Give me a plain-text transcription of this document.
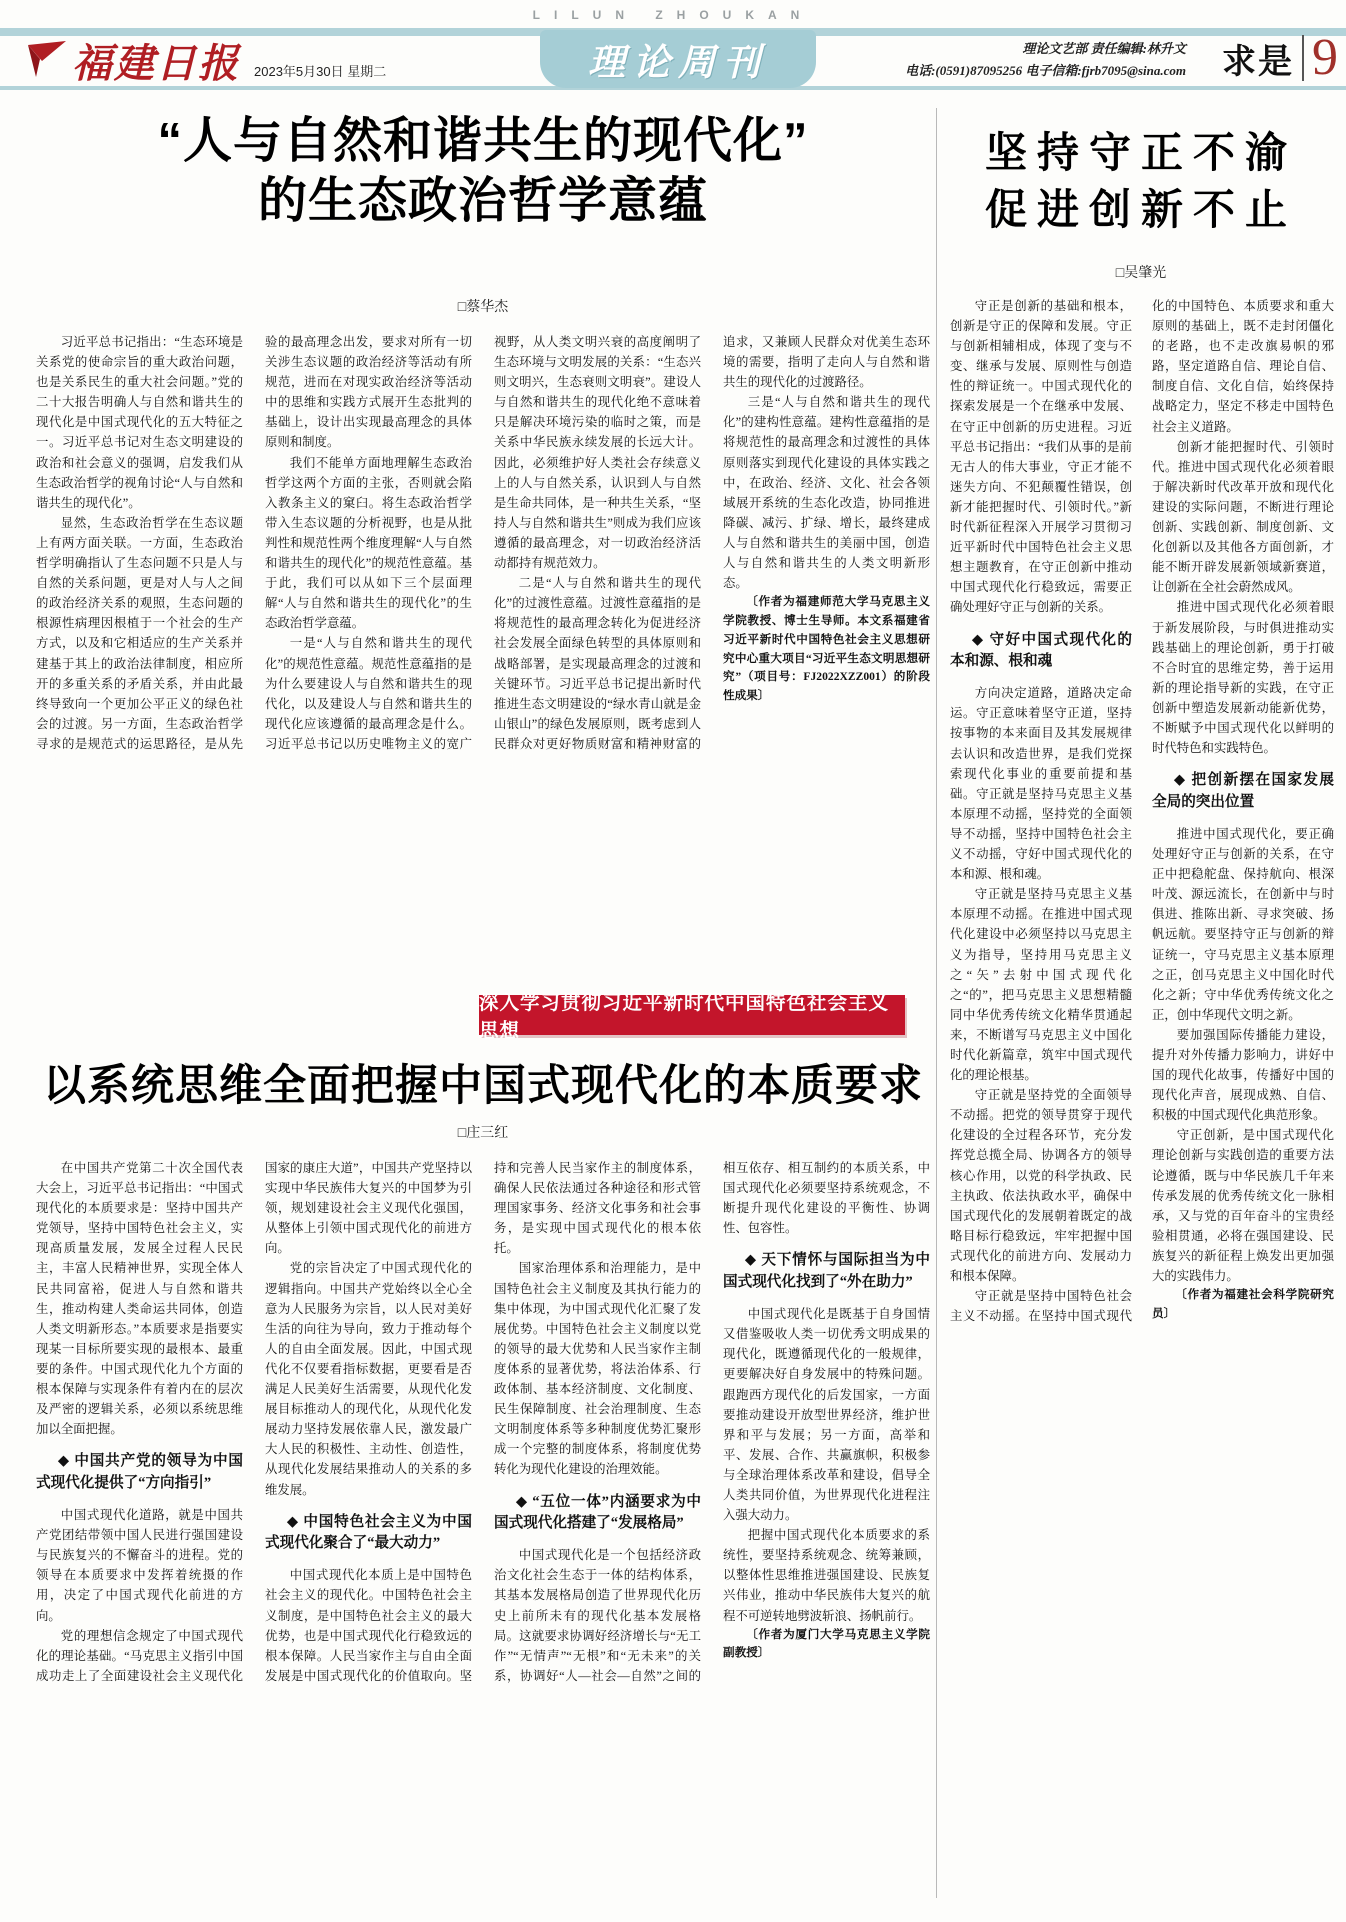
LILUN ZHOUKAN
福建日报 2023年5月30日 星期二	理论周刊	理论文艺部 责任编辑:林升文
电话:(0591)87095256 电子信箱:fjrb7095@sina.com 求是 9
“人与自然和谐共生的现代化”
的生态政治哲学意蕴
□蔡华杰

习近平总书记指出：“生态环境是关系党的使命宗旨的重大政治问题，也是关系民生的重大社会问题。”党的二十大报告明确人与自然和谐共生的现代化是中国式现代化的五大特征之一。习近平总书记对生态文明建设的政治和社会意义的强调，启发我们从生态政治哲学的视角讨论“人与自然和谐共生的现代化”。

显然，生态政治哲学在生态议题上有两方面关联。一方面，生态政治哲学明确指认了生态问题不只是人与自然的关系问题，更是对人与人之间的政治经济关系的观照，生态问题的根源性病理因根植于一个社会的生产方式，以及和它相适应的生产关系并建基于其上的政治法律制度，相应所开的多重关系的矛盾关系，并由此最终导致向一个更加公平正义的绿色社会的过渡。另一方面，生态政治哲学寻求的是规范式的运思路径，是从先验的最高理念出发，要求对所有一切关涉生态议题的政治经济等活动有所规范，进而在对现实政治经济等活动中的思维和实践方式展开生态批判的基础上，设计出实现最高理念的具体原则和制度。

我们不能单方面地理解生态政治哲学这两个方面的主张，否则就会陷入教条主义的窠臼。将生态政治哲学带入生态议题的分析视野，也是从批判性和规范性两个维度理解“人与自然和谐共生的现代化”的规范性意蕴。基于此，我们可以从如下三个层面理解“人与自然和谐共生的现代化”的生态政治哲学意蕴。

一是“人与自然和谐共生的现代化”的规范性意蕴。规范性意蕴指的是为什么要建设人与自然和谐共生的现代化，以及建设人与自然和谐共生的现代化应该遵循的最高理念是什么。习近平总书记以历史唯物主义的宽广视野，从人类文明兴衰的高度阐明了生态环境与文明发展的关系：“生态兴则文明兴，生态衰则文明衰”。建设人与自然和谐共生的现代化绝不意味着只是解决环境污染的临时之策，而是关系中华民族永续发展的长远大计。因此，必须维护好人类社会存续意义上的人与自然关系，认识到人与自然是生命共同体，是一种共生关系，“坚持人与自然和谐共生”则成为我们应该遵循的最高理念，对一切政治经济活动都持有规范效力。

二是“人与自然和谐共生的现代化”的过渡性意蕴。过渡性意蕴指的是将规范性的最高理念转化为促进经济社会发展全面绿色转型的具体原则和战略部署，是实现最高理念的过渡和关键环节。习近平总书记提出新时代推进生态文明建设的“绿水青山就是金山银山”的绿色发展原则，既考虑到人民群众对更好物质财富和精神财富的追求，又兼顾人民群众对优美生态环境的需要，指明了走向人与自然和谐共生的现代化的过渡路径。

三是“人与自然和谐共生的现代化”的建构性意蕴。建构性意蕴指的是将规范性的最高理念和过渡性的具体原则落实到现代化建设的具体实践之中，在政治、经济、文化、社会各领域展开系统的生态化改造，协同推进降碳、减污、扩绿、增长，最终建成人与自然和谐共生的美丽中国，创造人与自然和谐共生的人类文明新形态。

〔作者为福建师范大学马克思主义学院教授、博士生导师。本文系福建省习近平新时代中国特色社会主义思想研究中心重大项目“习近平生态文明思想研究”（项目号：FJ2022XZZ001）的阶段性成果〕

深入学习贯彻习近平新时代中国特色社会主义思想
坚持守正不渝
促进创新不止
□吴肇光

守正是创新的基础和根本，创新是守正的保障和发展。守正与创新相辅相成，体现了变与不变、继承与发展、原则性与创造性的辩证统一。中国式现代化的探索发展是一个在继承中发展、在守正中创新的历史进程。习近平总书记指出：“我们从事的是前无古人的伟大事业，守正才能不迷失方向、不犯颠覆性错误，创新才能把握时代、引领时代。”新时代新征程深入开展学习贯彻习近平新时代中国特色社会主义思想主题教育，在守正创新中推动中国式现代化行稳致远，需要正确处理好守正与创新的关系。

◆ 守好中国式现代化的本和源、根和魂

方向决定道路，道路决定命运。守正意味着坚守正道，坚持按事物的本来面目及其发展规律去认识和改造世界，是我们党探索现代化事业的重要前提和基础。守正就是坚持马克思主义基本原理不动摇，坚持党的全面领导不动摇，坚持中国特色社会主义不动摇，守好中国式现代化的本和源、根和魂。

守正就是坚持马克思主义基本原理不动摇。在推进中国式现代化建设中必须坚持以马克思主义为指导，坚持用马克思主义之“矢”去射中国式现代化之“的”，把马克思主义思想精髓同中华优秀传统文化精华贯通起来，不断谱写马克思主义中国化时代化新篇章，筑牢中国式现代化的理论根基。

守正就是坚持党的全面领导不动摇。把党的领导贯穿于现代化建设的全过程各环节，充分发挥党总揽全局、协调各方的领导核心作用，以党的科学执政、民主执政、依法执政水平，确保中国式现代化的发展朝着既定的战略目标行稳致远，牢牢把握中国式现代化的前进方向、发展动力和根本保障。

守正就是坚持中国特色社会主义不动摇。在坚持中国式现代化的中国特色、本质要求和重大原则的基础上，既不走封闭僵化的老路，也不走改旗易帜的邪路，坚定道路自信、理论自信、制度自信、文化自信，始终保持战略定力，坚定不移走中国特色社会主义道路。

创新才能把握时代、引领时代。推进中国式现代化必须着眼于解决新时代改革开放和现代化建设的实际问题，不断进行理论创新、实践创新、制度创新、文化创新以及其他各方面创新，才能不断开辟发展新领域新赛道，让创新在全社会蔚然成风。

推进中国式现代化必须着眼于新发展阶段，与时俱进推动实践基础上的理论创新，勇于打破不合时宜的思维定势，善于运用新的理论指导新的实践，在守正创新中塑造发展新动能新优势，不断赋予中国式现代化以鲜明的时代特色和实践特色。

◆ 把创新摆在国家发展全局的突出位置

推进中国式现代化，要正确处理好守正与创新的关系，在守正中把稳舵盘、保持航向、根深叶茂、源远流长，在创新中与时俱进、推陈出新、寻求突破、扬帆远航。要坚持守正与创新的辩证统一，守马克思主义基本原理之正，创马克思主义中国化时代化之新；守中华优秀传统文化之正，创中华现代文明之新。

要加强国际传播能力建设，提升对外传播力影响力，讲好中国的现代化故事，传播好中国的现代化声音，展现成熟、自信、积极的中国式现代化典范形象。

守正创新，是中国式现代化理论创新与实践创造的重要方法论遵循，既与中华民族几千年来传承发展的优秀传统文化一脉相承，又与党的百年奋斗的宝贵经验相贯通，必将在强国建设、民族复兴的新征程上焕发出更加强大的实践伟力。

〔作者为福建社会科学院研究员〕

以系统思维全面把握中国式现代化的本质要求
□庄三红

在中国共产党第二十次全国代表大会上，习近平总书记指出：“中国式现代化的本质要求是：坚持中国共产党领导，坚持中国特色社会主义，实现高质量发展，发展全过程人民民主，丰富人民精神世界，实现全体人民共同富裕，促进人与自然和谐共生，推动构建人类命运共同体，创造人类文明新形态。”本质要求是指要实现某一目标所要实现的最根本、最重要的条件。中国式现代化九个方面的根本保障与实现条件有着内在的层次及严密的逻辑关系，必须以系统思维加以全面把握。

◆ 中国共产党的领导为中国式现代化提供了“方向指引”

中国式现代化道路，就是中国共产党团结带领中国人民进行强国建设与民族复兴的不懈奋斗的进程。党的领导在本质要求中发挥着统摄的作用，决定了中国式现代化前进的方向。

党的理想信念规定了中国式现代化的理论基础。“马克思主义指引中国成功走上了全面建设社会主义现代化国家的康庄大道”，中国共产党坚持以实现中华民族伟大复兴的中国梦为引领，规划建设社会主义现代化强国，从整体上引领中国式现代化的前进方向。

党的宗旨决定了中国式现代化的逻辑指向。中国共产党始终以全心全意为人民服务为宗旨，以人民对美好生活的向往为导向，致力于推动每个人的自由全面发展。因此，中国式现代化不仅要看指标数据，更要看是否满足人民美好生活需要，从现代化发展目标推动人的现代化，从现代化发展动力坚持发展依靠人民，激发最广大人民的积极性、主动性、创造性，从现代化发展结果推动人的关系的多维发展。

◆ 中国特色社会主义为中国式现代化聚合了“最大动力”

中国式现代化本质上是中国特色社会主义的现代化。中国特色社会主义制度，是中国特色社会主义的最大优势，也是中国式现代化行稳致远的根本保障。人民当家作主与自由全面发展是中国式现代化的价值取向。坚持和完善人民当家作主的制度体系，确保人民依法通过各种途径和形式管理国家事务、经济文化事务和社会事务，是实现中国式现代化的根本依托。

国家治理体系和治理能力，是中国特色社会主义制度及其执行能力的集中体现，为中国式现代化汇聚了发展优势。中国特色社会主义制度以党的领导的最大优势和人民当家作主制度体系的显著优势，将法治体系、行政体制、基本经济制度、文化制度、民生保障制度、社会治理制度、生态文明制度体系等多种制度优势汇聚形成一个完整的制度体系，将制度优势转化为现代化建设的治理效能。

◆ “五位一体”内涵要求为中国式现代化搭建了“发展格局”

中国式现代化是一个包括经济政治文化社会生态于一体的结构体系，其基本发展格局创造了世界现代化历史上前所未有的现代化基本发展格局。这就要求协调好经济增长与“无工作”“无情声”“无根”和“无未来”的关系，协调好“人—社会—自然”之间的相互依存、相互制约的本质关系，中国式现代化必须要坚持系统观念，不断提升现代化建设的平衡性、协调性、包容性。

◆ 天下情怀与国际担当为中国式现代化找到了“外在助力”

中国式现代化是既基于自身国情又借鉴吸收人类一切优秀文明成果的现代化，既遵循现代化的一般规律，更要解决好自身发展中的特殊问题。跟跑西方现代化的后发国家，一方面要推动建设开放型世界经济，维护世界和平与发展；另一方面，高举和平、发展、合作、共赢旗帜，积极参与全球治理体系改革和建设，倡导全人类共同价值，为世界现代化进程注入强大动力。

把握中国式现代化本质要求的系统性，要坚持系统观念、统筹兼顾，以整体性思维推进强国建设、民族复兴伟业，推动中华民族伟大复兴的航程不可逆转地劈波斩浪、扬帆前行。

〔作者为厦门大学马克思主义学院副教授〕
